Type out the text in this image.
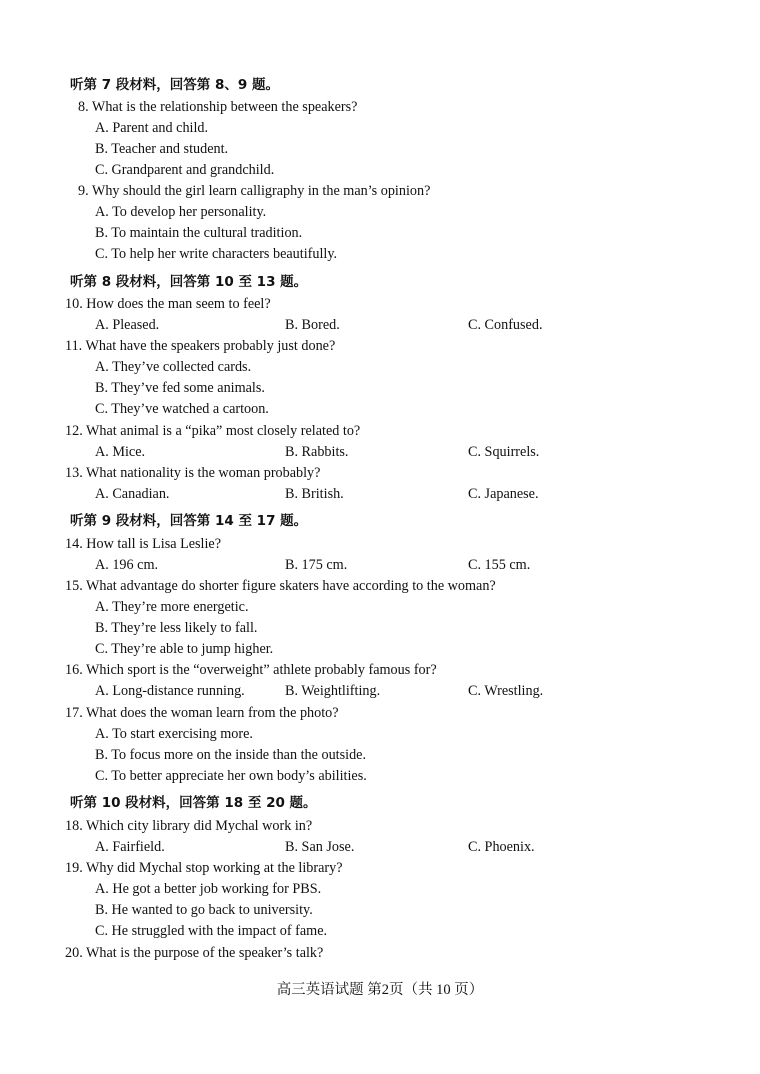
听第 7 段材料，回答第 8、9 题。
8. What is the relationship between the speakers?
A. Parent and child.
B. Teacher and student.
C. Grandparent and grandchild.
9. Why should the girl learn calligraphy in the man’s opinion?
A. To develop her personality.
B. To maintain the cultural tradition.
C. To help her write characters beautifully.
听第 8 段材料，回答第 10 至 13 题。
10. How does the man seem to feel?
A. Pleased.	B. Bored.	C. Confused.
11. What have the speakers probably just done?
A. They’ve collected cards.
B. They’ve fed some animals.
C. They’ve watched a cartoon.
12. What animal is a “pika” most closely related to?
A. Mice.	B. Rabbits.	C. Squirrels.
13. What nationality is the woman probably?
A. Canadian.	B. British.	C. Japanese.
听第 9 段材料，回答第 14 至 17 题。
14. How tall is Lisa Leslie?
A. 196 cm.	B. 175 cm.	C. 155 cm.
15. What advantage do shorter figure skaters have according to the woman?
A. They’re more energetic.
B. They’re less likely to fall.
C. They’re able to jump higher.
16. Which sport is the “overweight” athlete probably famous for?
A. Long-distance running.	B. Weightlifting.	C. Wrestling.
17. What does the woman learn from the photo?
A. To start exercising more.
B. To focus more on the inside than the outside.
C. To better appreciate her own body’s abilities.
听第 10 段材料，回答第 18 至 20 题。
18. Which city library did Mychal work in?
A. Fairfield.	B. San Jose.	C. Phoenix.
19. Why did Mychal stop working at the library?
A. He got a better job working for PBS.
B. He wanted to go back to university.
C. He struggled with the impact of fame.
20. What is the purpose of the speaker’s talk?
高三英语试题 第2页（共 10 页）
